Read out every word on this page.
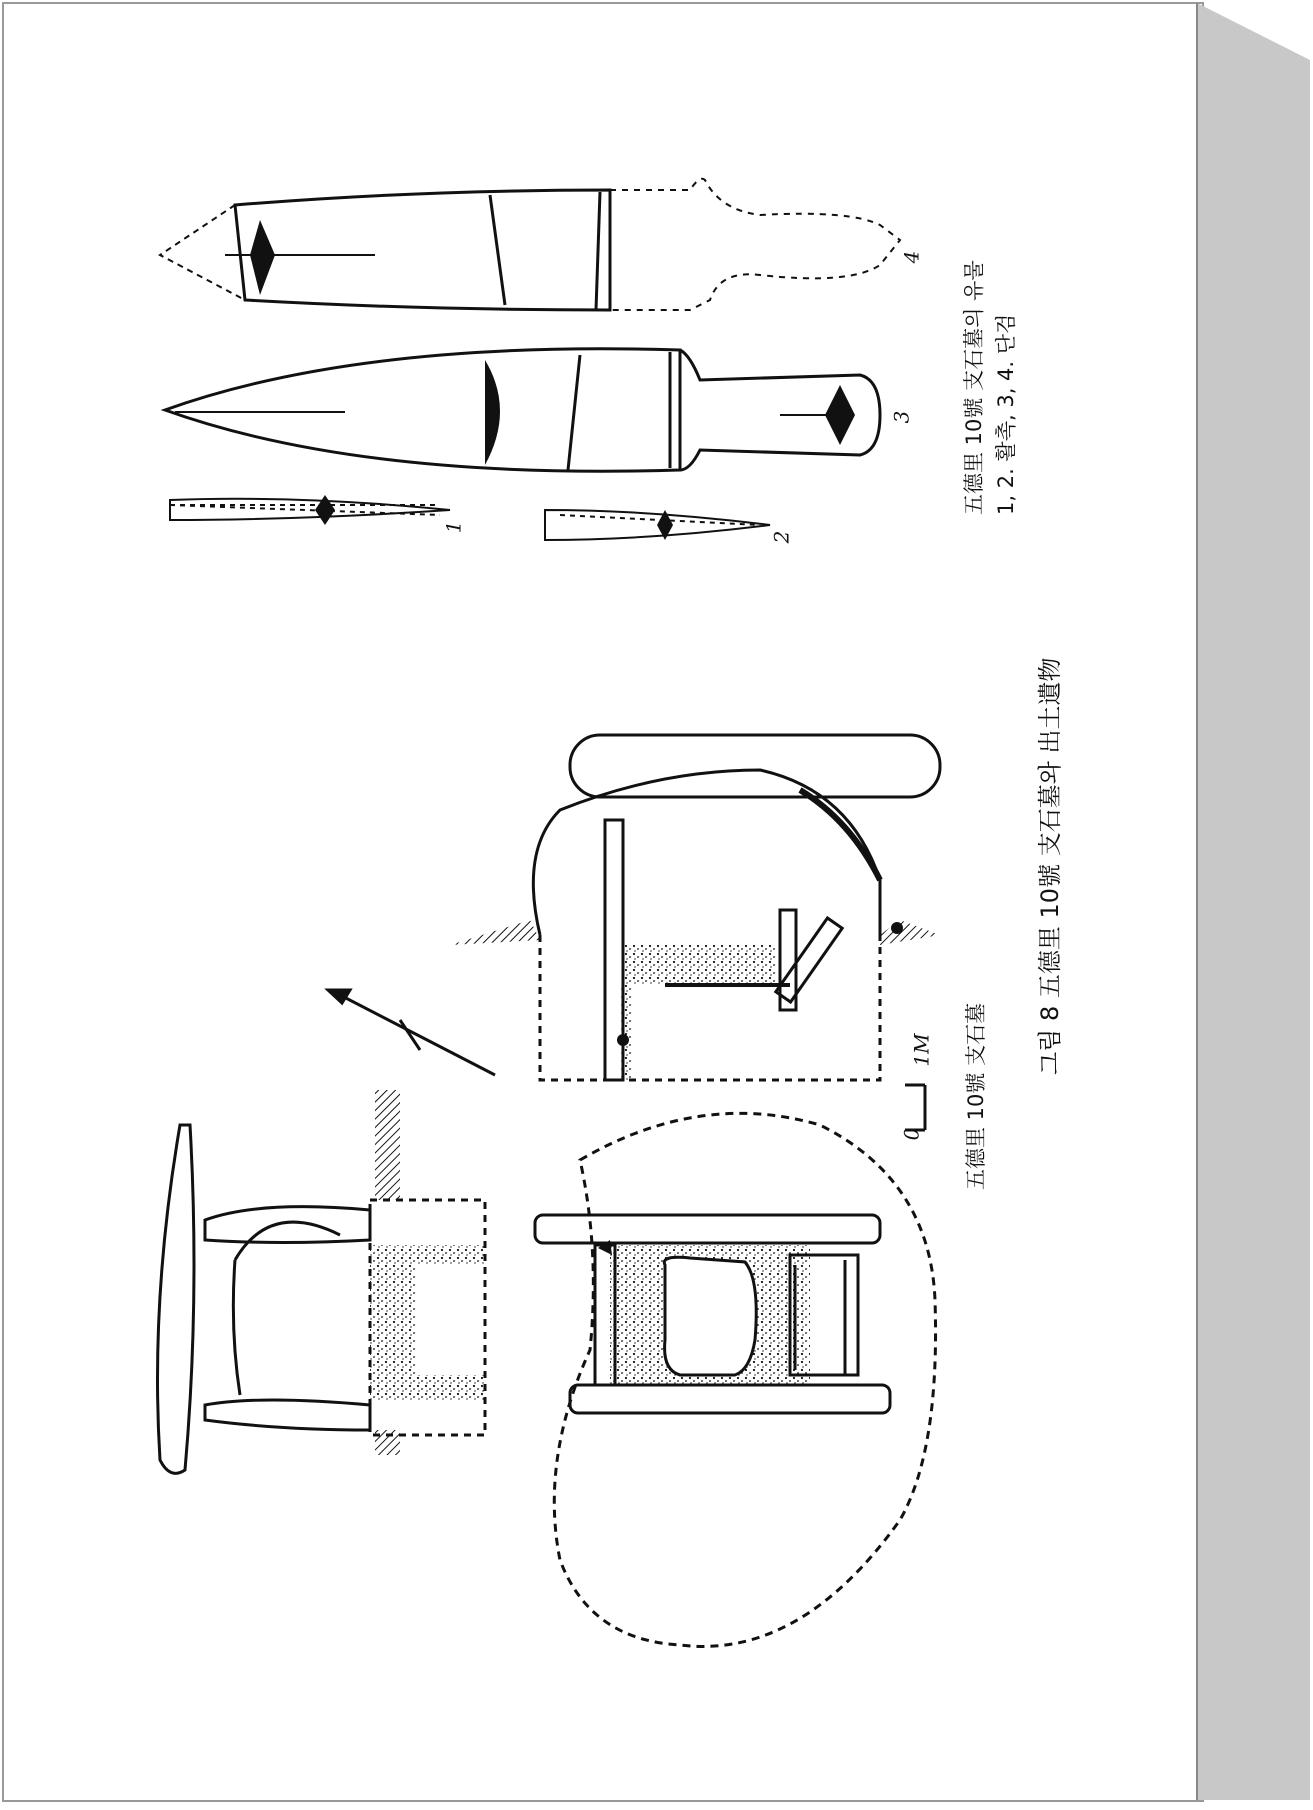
五德里 10號 支石墓의 유물 1, 2. 활촉, 3, 4. 단검
그림 8 五德里 10號 支石墓와 出土遺物
五德里 10號 支石墓
0
1M
1
2
3
4
